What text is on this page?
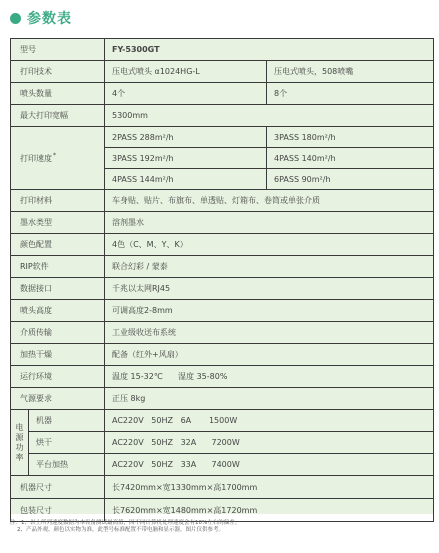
参数表
型号		FY-5300GT	
打印技术		压电式喷头 α1024HG-L	压电式喷头，508喷嘴
喷头数量		4个	8个
最大打印宽幅		5300mm	
打印速度*		2PASS 288m²/h	3PASS 180m²/h
		3PASS 192m²/h	4PASS 140m²/h
		4PASS 144m²/h	6PASS 90m²/h
打印材料		车身贴、贴片、布旗布、单透贴、灯箱布、卷筒或单张介质	
墨水类型		溶剂墨水	
颜色配置		4色（C、M、Y、K）	
RIP软件		联合幻彩 / 蒙泰	
数据接口		千兆以太网RJ45	
喷头高度		可调高度2-8mm	
介质传输		工业级收送布系统	
加热干燥		配备（红外+风扇）	
运行环境		温度 15-32℃      湿度 35-80%	
气源要求		正压 8kg	

电源功率	机器	AC220V   50HZ   6A       1500W	
	烘干	AC220V   50HZ   32A      7200W	
	平台加热	AC220V   50HZ   33A      7400W	
机器尺寸		长7420mm×宽1330mm×高1700mm	
包装尺寸		长7620mm×宽1480mm×高1720mm	
注：1、以上所列速度数据为本设备测试最高值，因不同计算机处理速度会有10%左右的偏差。
2、产品外观、颜色以实物为准，此型号标准配置不带电脑和显示器，图片仅供参考。
